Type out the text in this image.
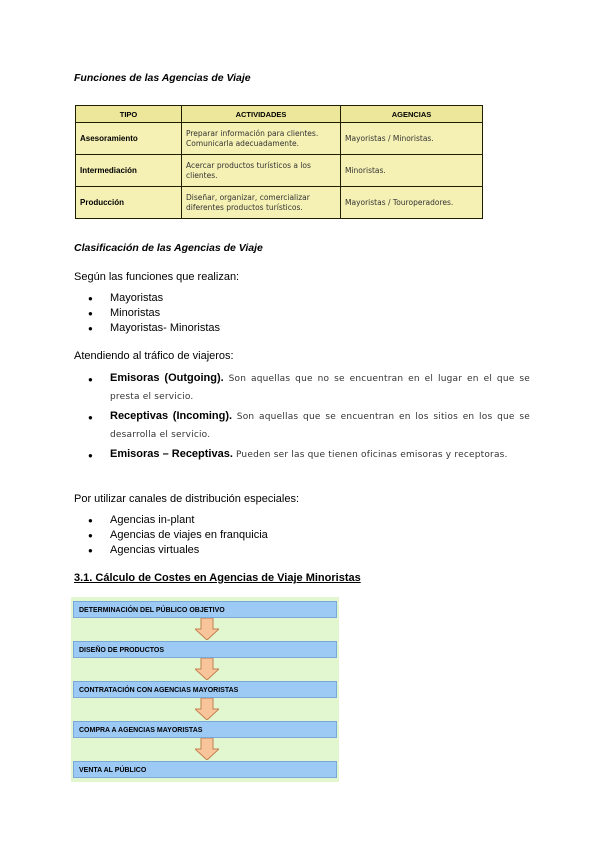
Funciones de las Agencias de Viaje
TIPO	ACTIVIDADES	AGENCIAS
Asesoramiento	Preparar información para clientes. Comunicarla adecuadamente.	Mayoristas / Minoristas.
Intermediación	Acercar productos turísticos a los clientes.	Minoristas.
Producción	Diseñar, organizar, comercializar diferentes productos turísticos.	Mayoristas / Touroperadores.
Clasificación de las Agencias de Viaje
Según las funciones que realizan:
● Mayoristas
● Minoristas
● Mayoristas- Minoristas
Atendiendo al tráfico de viajeros:
● Emisoras (Outgoing). Son aquellas que no se encuentran en el lugar en el que se presta el servicio.
● Receptivas (Incoming). Son aquellas que se encuentran en los sitios en los que se desarrolla el servicio.
● Emisoras – Receptivas. Pueden ser las que tienen oficinas emisoras y receptoras.
Por utilizar canales de distribución especiales:
● Agencias in-plant
● Agencias de viajes en franquicia
● Agencias virtuales
3.1. Cálculo de Costes en Agencias de Viaje Minoristas
DETERMINACIÓN DEL PÚBLICO OBJETIVO
DISEÑO DE PRODUCTOS
CONTRATACIÓN CON AGENCIAS MAYORISTAS
COMPRA A AGENCIAS MAYORISTAS
VENTA AL PÚBLICO
